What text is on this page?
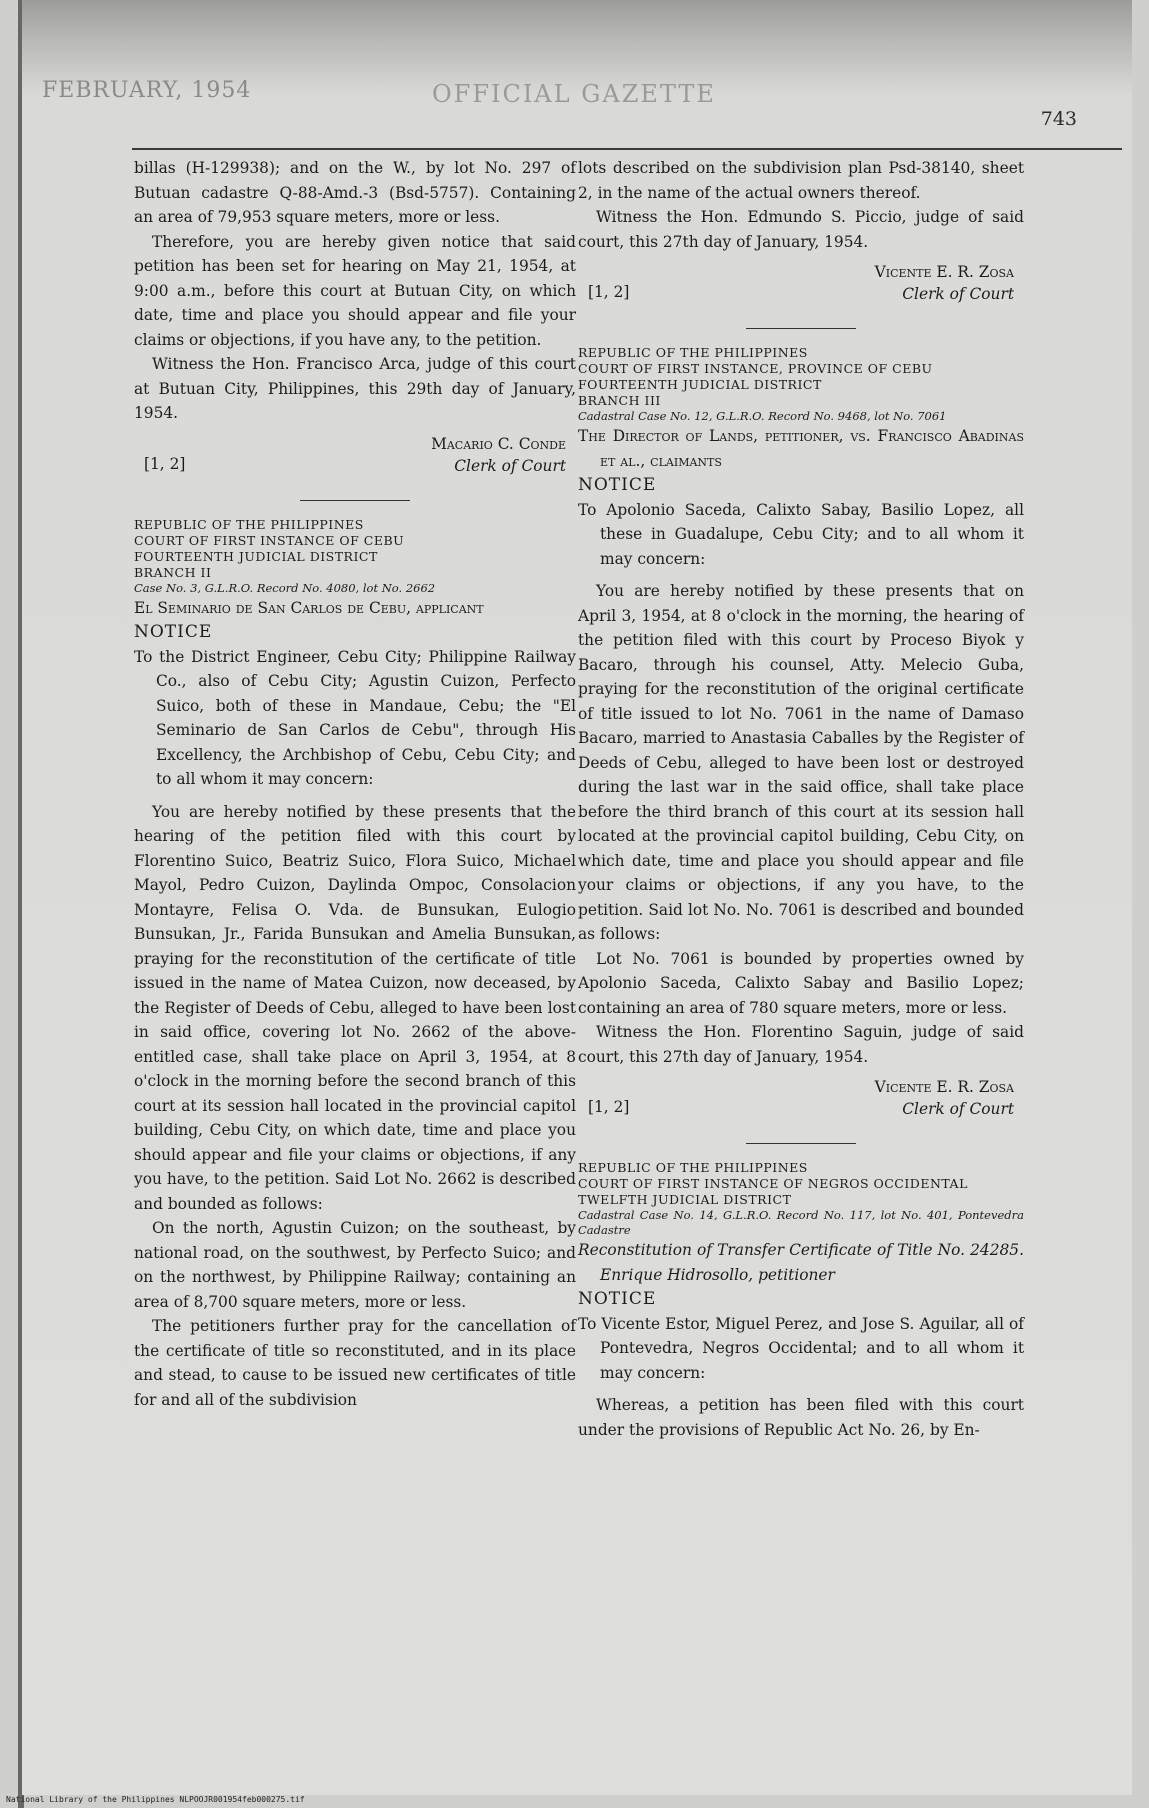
FEBRUARY, 1954	OFFICIAL GAZETTE
743

billas (H-129938); and on the W., by lot No. 297 of Butuan cadastre Q-88-Amd.-3 (Bsd-5757). Containing an area of 79,953 square meters, more or less.

Therefore, you are hereby given notice that said petition has been set for hearing on May 21, 1954, at 9:00 a.m., before this court at Butuan City, on which date, time and place you should appear and file your claims or objections, if you have any, to the petition.

Witness the Hon. Francisco Arca, judge of this court at Butuan City, Philippines, this 29th day of January, 1954.

[1, 2]
Macario C. Conde
Clerk of Court

REPUBLIC OF THE PHILIPPINES

COURT OF FIRST INSTANCE OF CEBU

FOURTEENTH JUDICIAL DISTRICT

BRANCH II

Case No. 3, G.L.R.O. Record No. 4080, lot No. 2662

El Seminario de San Carlos de Cebu, applicant

NOTICE

To the District Engineer, Cebu City; Philippine Railway Co., also of Cebu City; Agustin Cuizon, Perfecto Suico, both of these in Mandaue, Cebu; the "El Seminario de San Carlos de Cebu", through His Excellency, the Archbishop of Cebu, Cebu City; and to all whom it may concern:

You are hereby notified by these presents that the hearing of the petition filed with this court by Florentino Suico, Beatriz Suico, Flora Suico, Michael Mayol, Pedro Cuizon, Daylinda Ompoc, Consolacion Montayre, Felisa O. Vda. de Bunsukan, Eulogio Bunsukan, Jr., Farida Bunsukan and Amelia Bunsukan, praying for the reconstitution of the certificate of title issued in the name of Matea Cuizon, now deceased, by the Register of Deeds of Cebu, alleged to have been lost in said office, covering lot No. 2662 of the above-entitled case, shall take place on April 3, 1954, at 8 o'clock in the morning before the second branch of this court at its session hall located in the provincial capitol building, Cebu City, on which date, time and place you should appear and file your claims or objections, if any you have, to the petition. Said Lot No. 2662 is described and bounded as follows:

On the north, Agustin Cuizon; on the southeast, by national road, on the southwest, by Perfecto Suico; and on the northwest, by Philippine Railway; containing an area of 8,700 square meters, more or less.

The petitioners further pray for the cancellation of the certificate of title so reconstituted, and in its place and stead, to cause to be issued new certificates of title for and all of the subdivision

lots described on the subdivision plan Psd-38140, sheet 2, in the name of the actual owners thereof.

Witness the Hon. Edmundo S. Piccio, judge of said court, this 27th day of January, 1954.

[1, 2]
Vicente E. R. Zosa
Clerk of Court

REPUBLIC OF THE PHILIPPINES

COURT OF FIRST INSTANCE, PROVINCE OF CEBU

FOURTEENTH JUDICIAL DISTRICT

BRANCH III

Cadastral Case No. 12, G.L.R.O. Record No. 9468, lot No. 7061

The Director of Lands, petitioner, vs. Francisco Abadinas et al., claimants

NOTICE

To Apolonio Saceda, Calixto Sabay, Basilio Lopez, all these in Guadalupe, Cebu City; and to all whom it may concern:

You are hereby notified by these presents that on April 3, 1954, at 8 o'clock in the morning, the hearing of the petition filed with this court by Proceso Biyok y Bacaro, through his counsel, Atty. Melecio Guba, praying for the reconstitution of the original certificate of title issued to lot No. 7061 in the name of Damaso Bacaro, married to Anastasia Caballes by the Register of Deeds of Cebu, alleged to have been lost or destroyed during the last war in the said office, shall take place before the third branch of this court at its session hall located at the provincial capitol building, Cebu City, on which date, time and place you should appear and file your claims or objections, if any you have, to the petition. Said lot No. No. 7061 is described and bounded as follows:

Lot No. 7061 is bounded by properties owned by Apolonio Saceda, Calixto Sabay and Basilio Lopez; containing an area of 780 square meters, more or less.

Witness the Hon. Florentino Saguin, judge of said court, this 27th day of January, 1954.

[1, 2]
Vicente E. R. Zosa
Clerk of Court

REPUBLIC OF THE PHILIPPINES

COURT OF FIRST INSTANCE OF NEGROS OCCIDENTAL

TWELFTH JUDICIAL DISTRICT

Cadastral Case No. 14, G.L.R.O. Record No. 117, lot No. 401, Pontevedra Cadastre

Reconstitution of Transfer Certificate of Title No. 24285. Enrique Hidrosollo, petitioner

NOTICE

To Vicente Estor, Miguel Perez, and Jose S. Aguilar, all of Pontevedra, Negros Occidental; and to all whom it may concern:

Whereas, a petition has been filed with this court under the provisions of Republic Act No. 26, by En-

National Library of the Philippines NLPOOJR001954feb000275.tif
